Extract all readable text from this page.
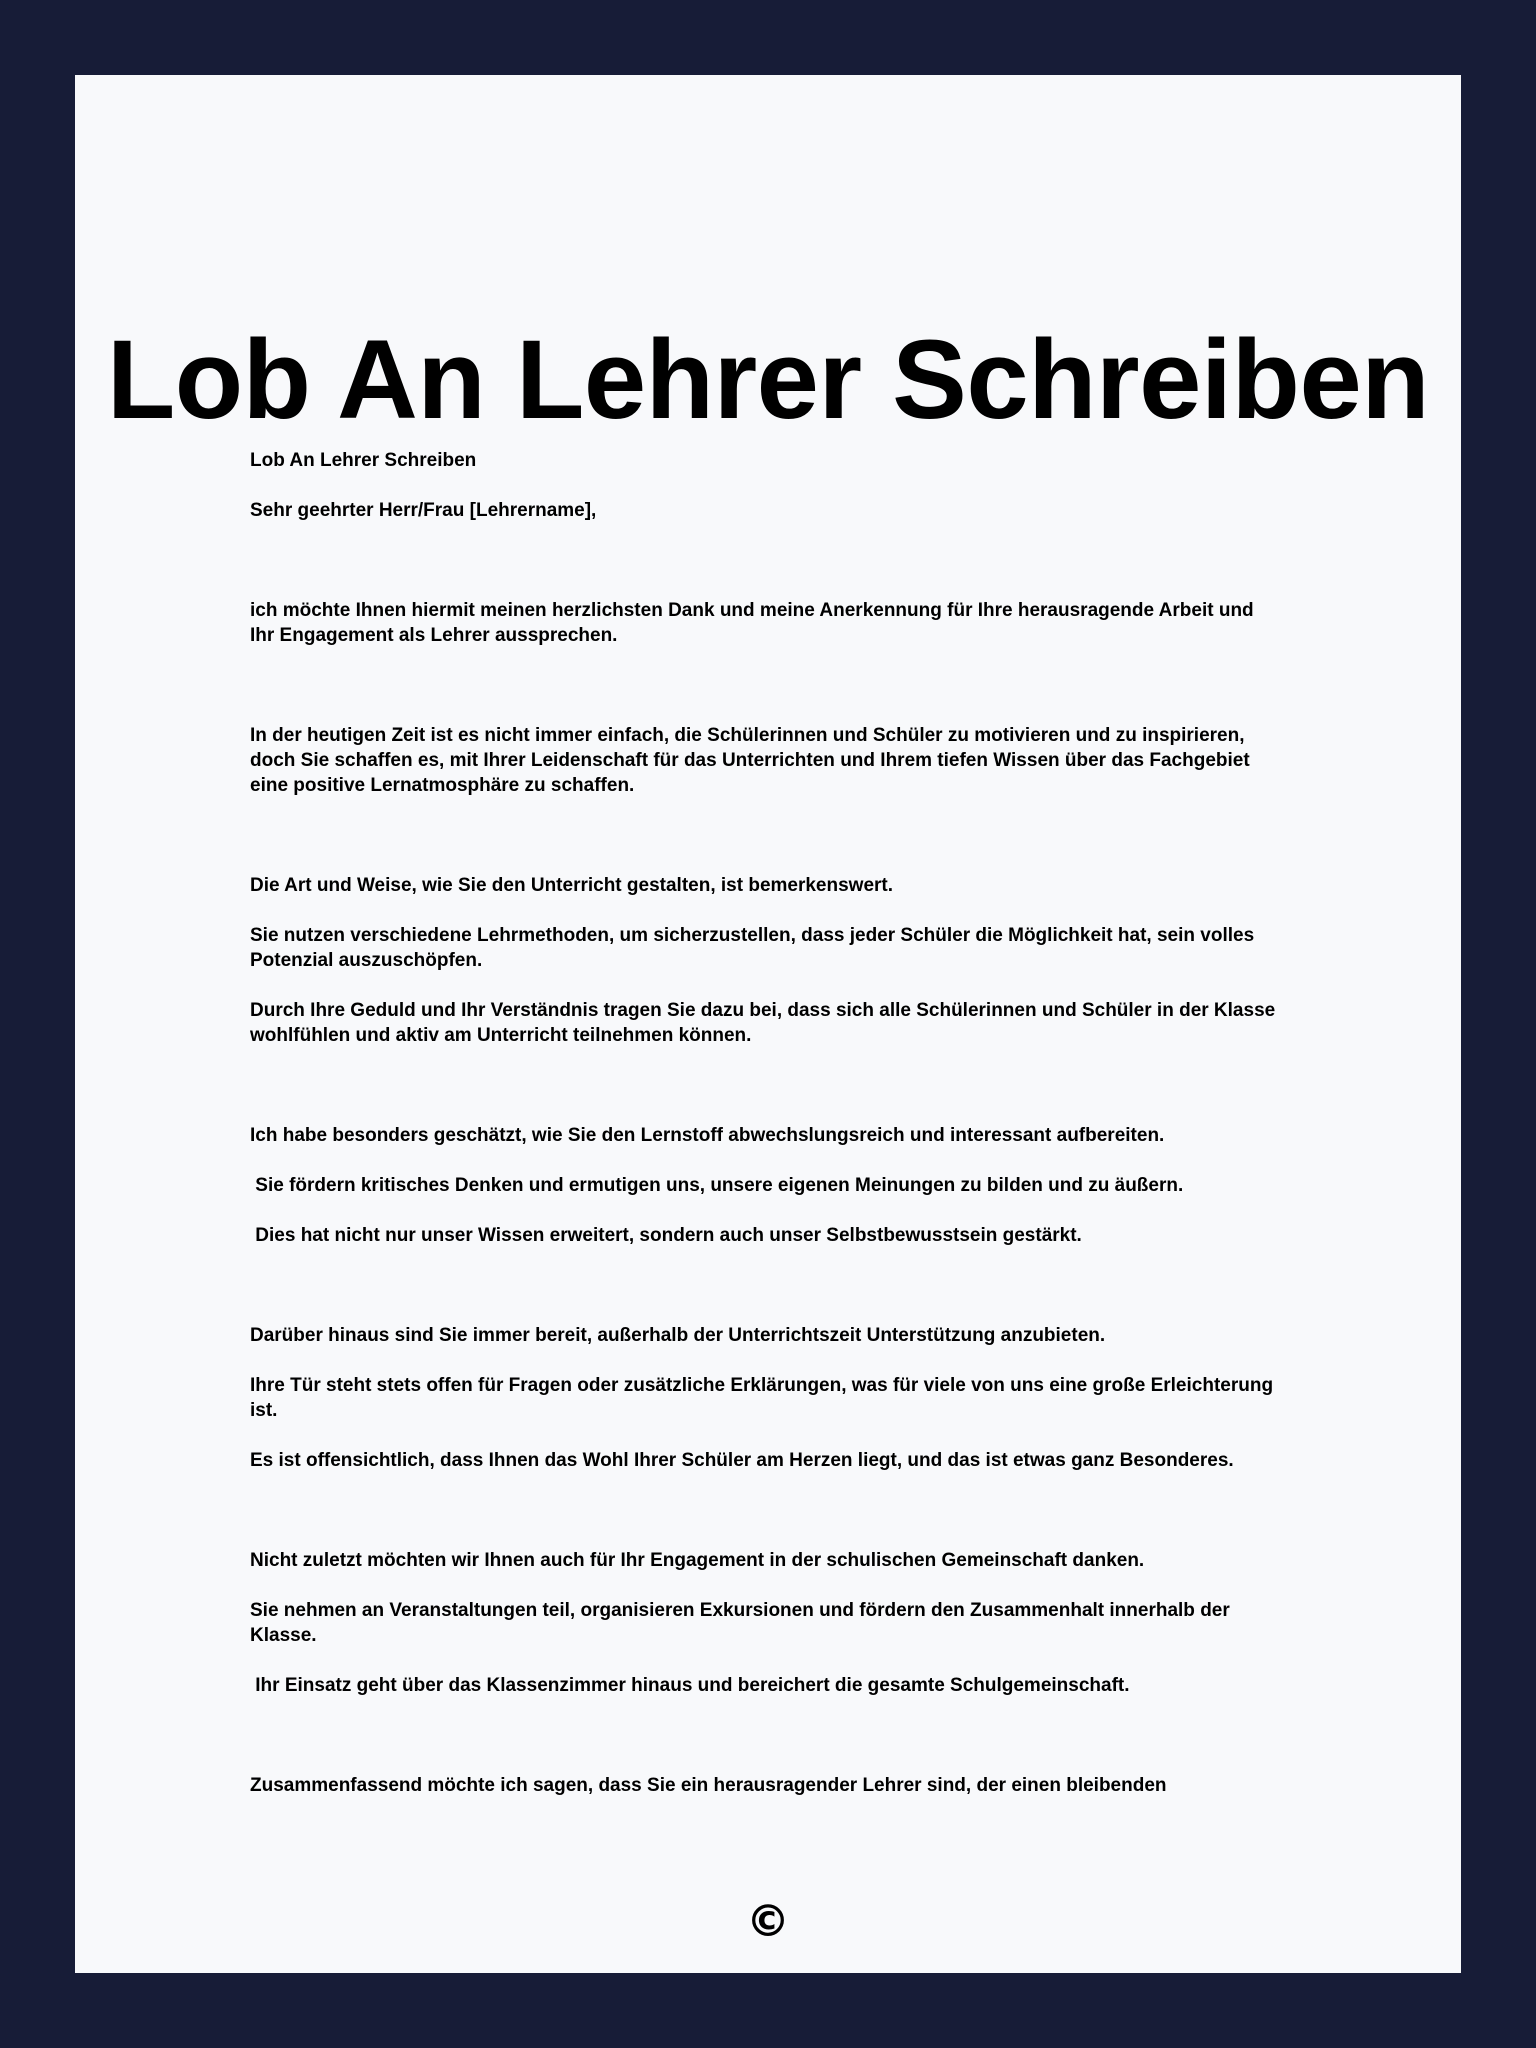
Lob An Lehrer Schreiben

Lob An Lehrer Schreiben

Sehr geehrter Herr/Frau [Lehrername],

ich möchte Ihnen hiermit meinen herzlichsten Dank und meine Anerkennung für Ihre herausragende Arbeit und Ihr Engagement als Lehrer aussprechen.

In der heutigen Zeit ist es nicht immer einfach, die Schülerinnen und Schüler zu motivieren und zu inspirieren, doch Sie schaffen es, mit Ihrer Leidenschaft für das Unterrichten und Ihrem tiefen Wissen über das Fachgebiet eine positive Lernatmosphäre zu schaffen.

Die Art und Weise, wie Sie den Unterricht gestalten, ist bemerkenswert.

Sie nutzen verschiedene Lehrmethoden, um sicherzustellen, dass jeder Schüler die Möglichkeit hat, sein volles Potenzial auszuschöpfen.

Durch Ihre Geduld und Ihr Verständnis tragen Sie dazu bei, dass sich alle Schülerinnen und Schüler in der Klasse wohlfühlen und aktiv am Unterricht teilnehmen können.

Ich habe besonders geschätzt, wie Sie den Lernstoff abwechslungsreich und interessant aufbereiten.

Sie fördern kritisches Denken und ermutigen uns, unsere eigenen Meinungen zu bilden und zu äußern.

Dies hat nicht nur unser Wissen erweitert, sondern auch unser Selbstbewusstsein gestärkt.

Darüber hinaus sind Sie immer bereit, außerhalb der Unterrichtszeit Unterstützung anzubieten.

Ihre Tür steht stets offen für Fragen oder zusätzliche Erklärungen, was für viele von uns eine große Erleichterung ist.

Es ist offensichtlich, dass Ihnen das Wohl Ihrer Schüler am Herzen liegt, und das ist etwas ganz Besonderes.

Nicht zuletzt möchten wir Ihnen auch für Ihr Engagement in der schulischen Gemeinschaft danken.

Sie nehmen an Veranstaltungen teil, organisieren Exkursionen und fördern den Zusammenhalt innerhalb der Klasse.

Ihr Einsatz geht über das Klassenzimmer hinaus und bereichert die gesamte Schulgemeinschaft.

Zusammenfassend möchte ich sagen, dass Sie ein herausragender Lehrer sind, der einen bleibenden

©
